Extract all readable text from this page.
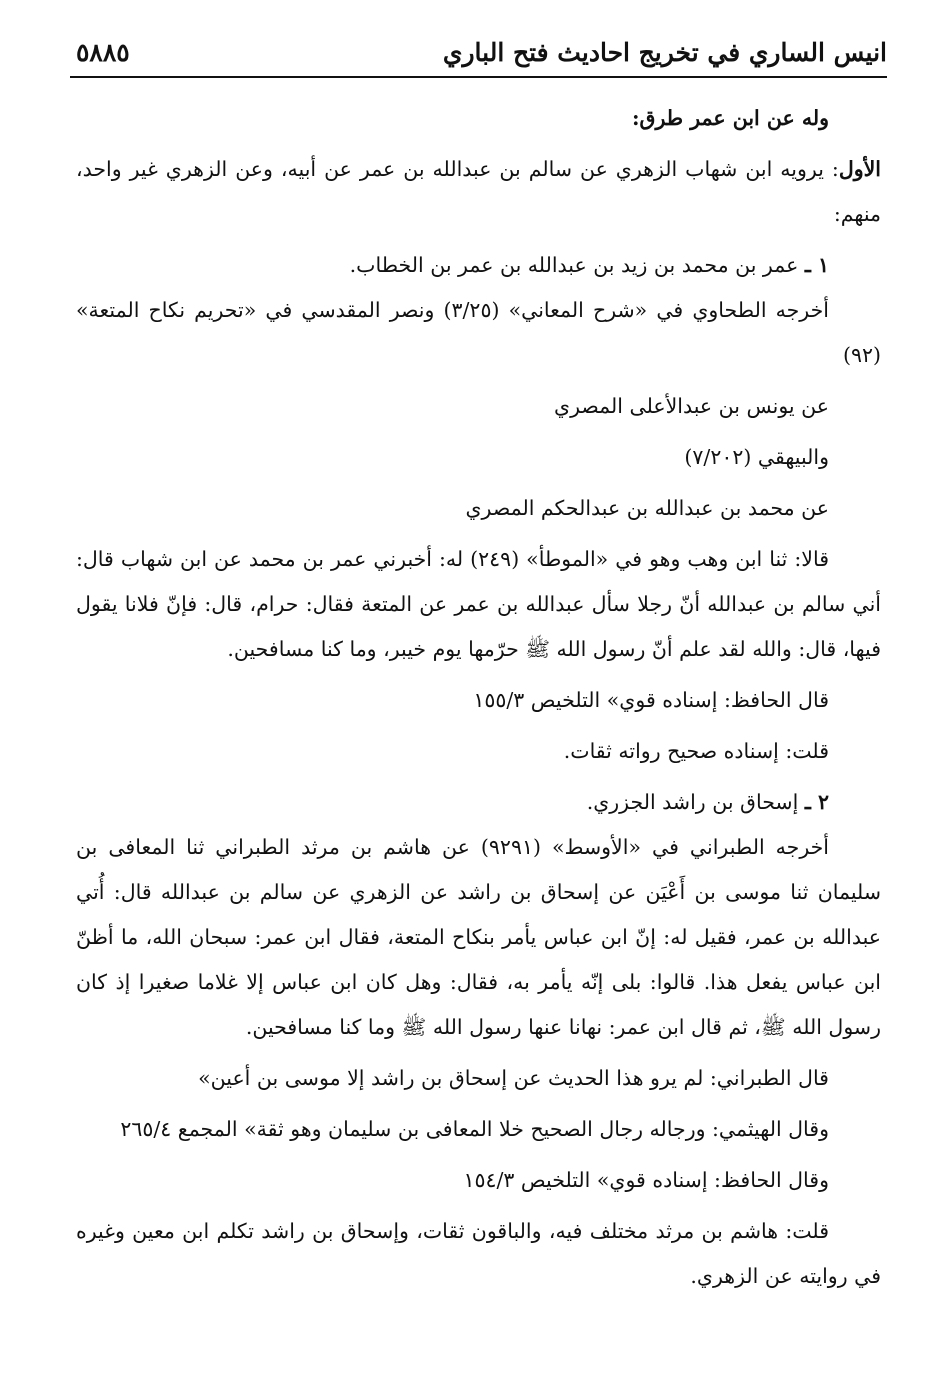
انيس الساري في تخريج احاديث فتح الباري
٥٨٨٥

وله عن ابن عمر طرق:

الأول: يرويه ابن شهاب الزهري عن سالم بن عبدالله بن عمر عن أبيه، وعن الزهري غير واحد، منهم:

١ ـ عمر بن محمد بن زيد بن عبدالله بن عمر بن الخطاب.

أخرجه الطحاوي في «شرح المعاني» (٣/٢٥) ونصر المقدسي في «تحريم نكاح المتعة» (٩٢)

عن يونس بن عبدالأعلى المصري

والبيهقي (٧/٢٠٢)

عن محمد بن عبدالله بن عبدالحكم المصري

قالا: ثنا ابن وهب وهو في «الموطأ» (٢٤٩) له: أخبرني عمر بن محمد عن ابن شهاب قال: أني سالم بن عبدالله أنّ رجلا سأل عبدالله بن عمر عن المتعة فقال: حرام، قال: فإنّ فلانا يقول فيها، قال: والله لقد علم أنّ رسول الله ﷺ حرّمها يوم خيبر، وما كنا مسافحين.

قال الحافظ: إسناده قوي» التلخيص ١٥٥/٣

قلت: إسناده صحيح رواته ثقات.

٢ ـ إسحاق بن راشد الجزري.

أخرجه الطبراني في «الأوسط» (٩٢٩١) عن هاشم بن مرثد الطبراني ثنا المعافى بن سليمان ثنا موسى بن أَعْيَن عن إسحاق بن راشد عن الزهري عن سالم بن عبدالله قال: أُتي عبدالله بن عمر، فقيل له: إنّ ابن عباس يأمر بنكاح المتعة، فقال ابن عمر: سبحان الله، ما أظنّ ابن عباس يفعل هذا. قالوا: بلى إنّه يأمر به، فقال: وهل كان ابن عباس إلا غلاما صغيرا إذ كان رسول الله ﷺ، ثم قال ابن عمر: نهانا عنها رسول الله ﷺ وما كنا مسافحين.

قال الطبراني: لم يرو هذا الحديث عن إسحاق بن راشد إلا موسى بن أعين»

وقال الهيثمي: ورجاله رجال الصحيح خلا المعافى بن سليمان وهو ثقة» المجمع ٢٦٥/٤

وقال الحافظ: إسناده قوي» التلخيص ١٥٤/٣

قلت: هاشم بن مرثد مختلف فيه، والباقون ثقات، وإسحاق بن راشد تكلم ابن معين وغيره في روايته عن الزهري.
